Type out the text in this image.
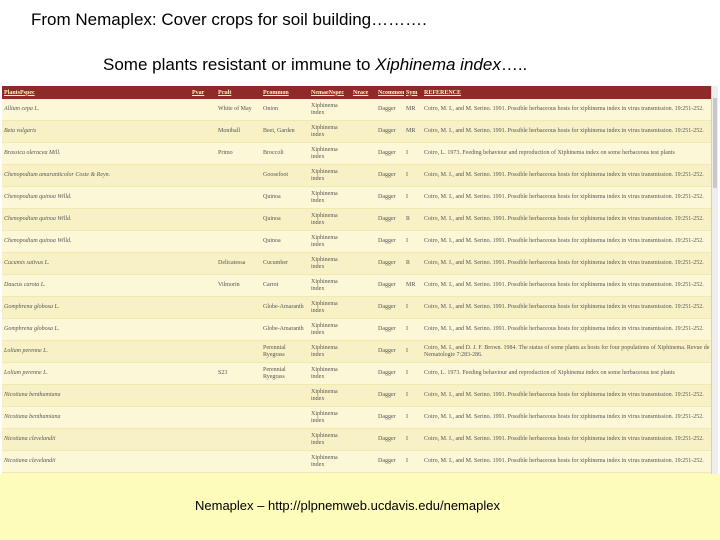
From Nemaplex: Cover crops for soil building……….
Some plants resistant or immune to Xiphinema index…..
PlantsPspec	Pvar	Pcult	Pcommon	NemaeNspec	Nrace	Ncommon	Sym	REFERENCE
Allium cepa L.		White of May	Onion	Xiphinema index		Dagger	MR	Coiro, M. I., and M. Serino. 1991. Possible herbaceous hosts for xiphinema index in virus transmission. 19:251-252.
Beta vulgaris		Moniball	Beet, Garden	Xiphinema index		Dagger	MR	Coiro, M. I., and M. Serino. 1991. Possible herbaceous hosts for xiphinema index in virus transmission. 19:251-252.
Brassica oleracea Mill.		Primo	Broccoli	Xiphinema index		Dagger	I	Coiro, L. 1973. Feeding behaviour and reproduction of Xiphinema index on some herbaceous test plants
Chenopodium amaranticolor Coste & Reyn.			Goosefoot	Xiphinema index		Dagger	I	Coiro, M. I., and M. Serino. 1991. Possible herbaceous hosts for xiphinema index in virus transmission. 19:251-252.
Chenopodium quinoa Willd.			Quinoa	Xiphinema index		Dagger	I	Coiro, M. I., and M. Serino. 1991. Possible herbaceous hosts for xiphinema index in virus transmission. 19:251-252.
Chenopodium quinoa Willd.			Quinoa	Xiphinema index		Dagger	R	Coiro, M. I., and M. Serino. 1991. Possible herbaceous hosts for xiphinema index in virus transmission. 19:251-252.
Chenopodium quinoa Willd.			Quinoa	Xiphinema index		Dagger	I	Coiro, M. I., and M. Serino. 1991. Possible herbaceous hosts for xiphinema index in virus transmission. 19:251-252.
Cucumis sativus L.		Delicatessa	Cucumber	Xiphinema index		Dagger	R	Coiro, M. I., and M. Serino. 1991. Possible herbaceous hosts for xiphinema index in virus transmission. 19:251-252.
Daucus carota L.		Vilmorin	Carrot	Xiphinema index		Dagger	MR	Coiro, M. I., and M. Serino. 1991. Possible herbaceous hosts for xiphinema index in virus transmission. 19:251-252.
Gomphrena globosa L.			Globe-Amaranth	Xiphinema index		Dagger	I	Coiro, M. I., and M. Serino. 1991. Possible herbaceous hosts for xiphinema index in virus transmission. 19:251-252.
Gomphrena globosa L.			Globe-Amaranth	Xiphinema index		Dagger	I	Coiro, M. I., and M. Serino. 1991. Possible herbaceous hosts for xiphinema index in virus transmission. 19:251-252.
Lolium perenne L.			Perennial Ryegrass	Xiphinema index		Dagger	I	Coiro, M. I., and D. J. F. Brown. 1984. The status of some plants as hosts for four populations of Xiphinema. Revue de Nematologie 7:283-286.
Lolium perenne L.		S23	Perennial Ryegrass	Xiphinema index		Dagger	I	Coiro, L. 1973. Feeding behaviour and reproduction of Xiphinema index on some herbaceous test plants
Nicotiana benthamiana				Xiphinema index		Dagger	I	Coiro, M. I., and M. Serino. 1991. Possible herbaceous hosts for xiphinema index in virus transmission. 19:251-252.
Nicotiana benthamiana				Xiphinema index		Dagger	I	Coiro, M. I., and M. Serino. 1991. Possible herbaceous hosts for xiphinema index in virus transmission. 19:251-252.
Nicotiana clevelandii				Xiphinema index		Dagger	I	Coiro, M. I., and M. Serino. 1991. Possible herbaceous hosts for xiphinema index in virus transmission. 19:251-252.
Nicotiana clevelandii				Xiphinema index		Dagger	I	Coiro, M. I., and M. Serino. 1991. Possible herbaceous hosts for xiphinema index in virus transmission. 19:251-252.
Nemaplex – http://plpnemweb.ucdavis.edu/nemaplex
